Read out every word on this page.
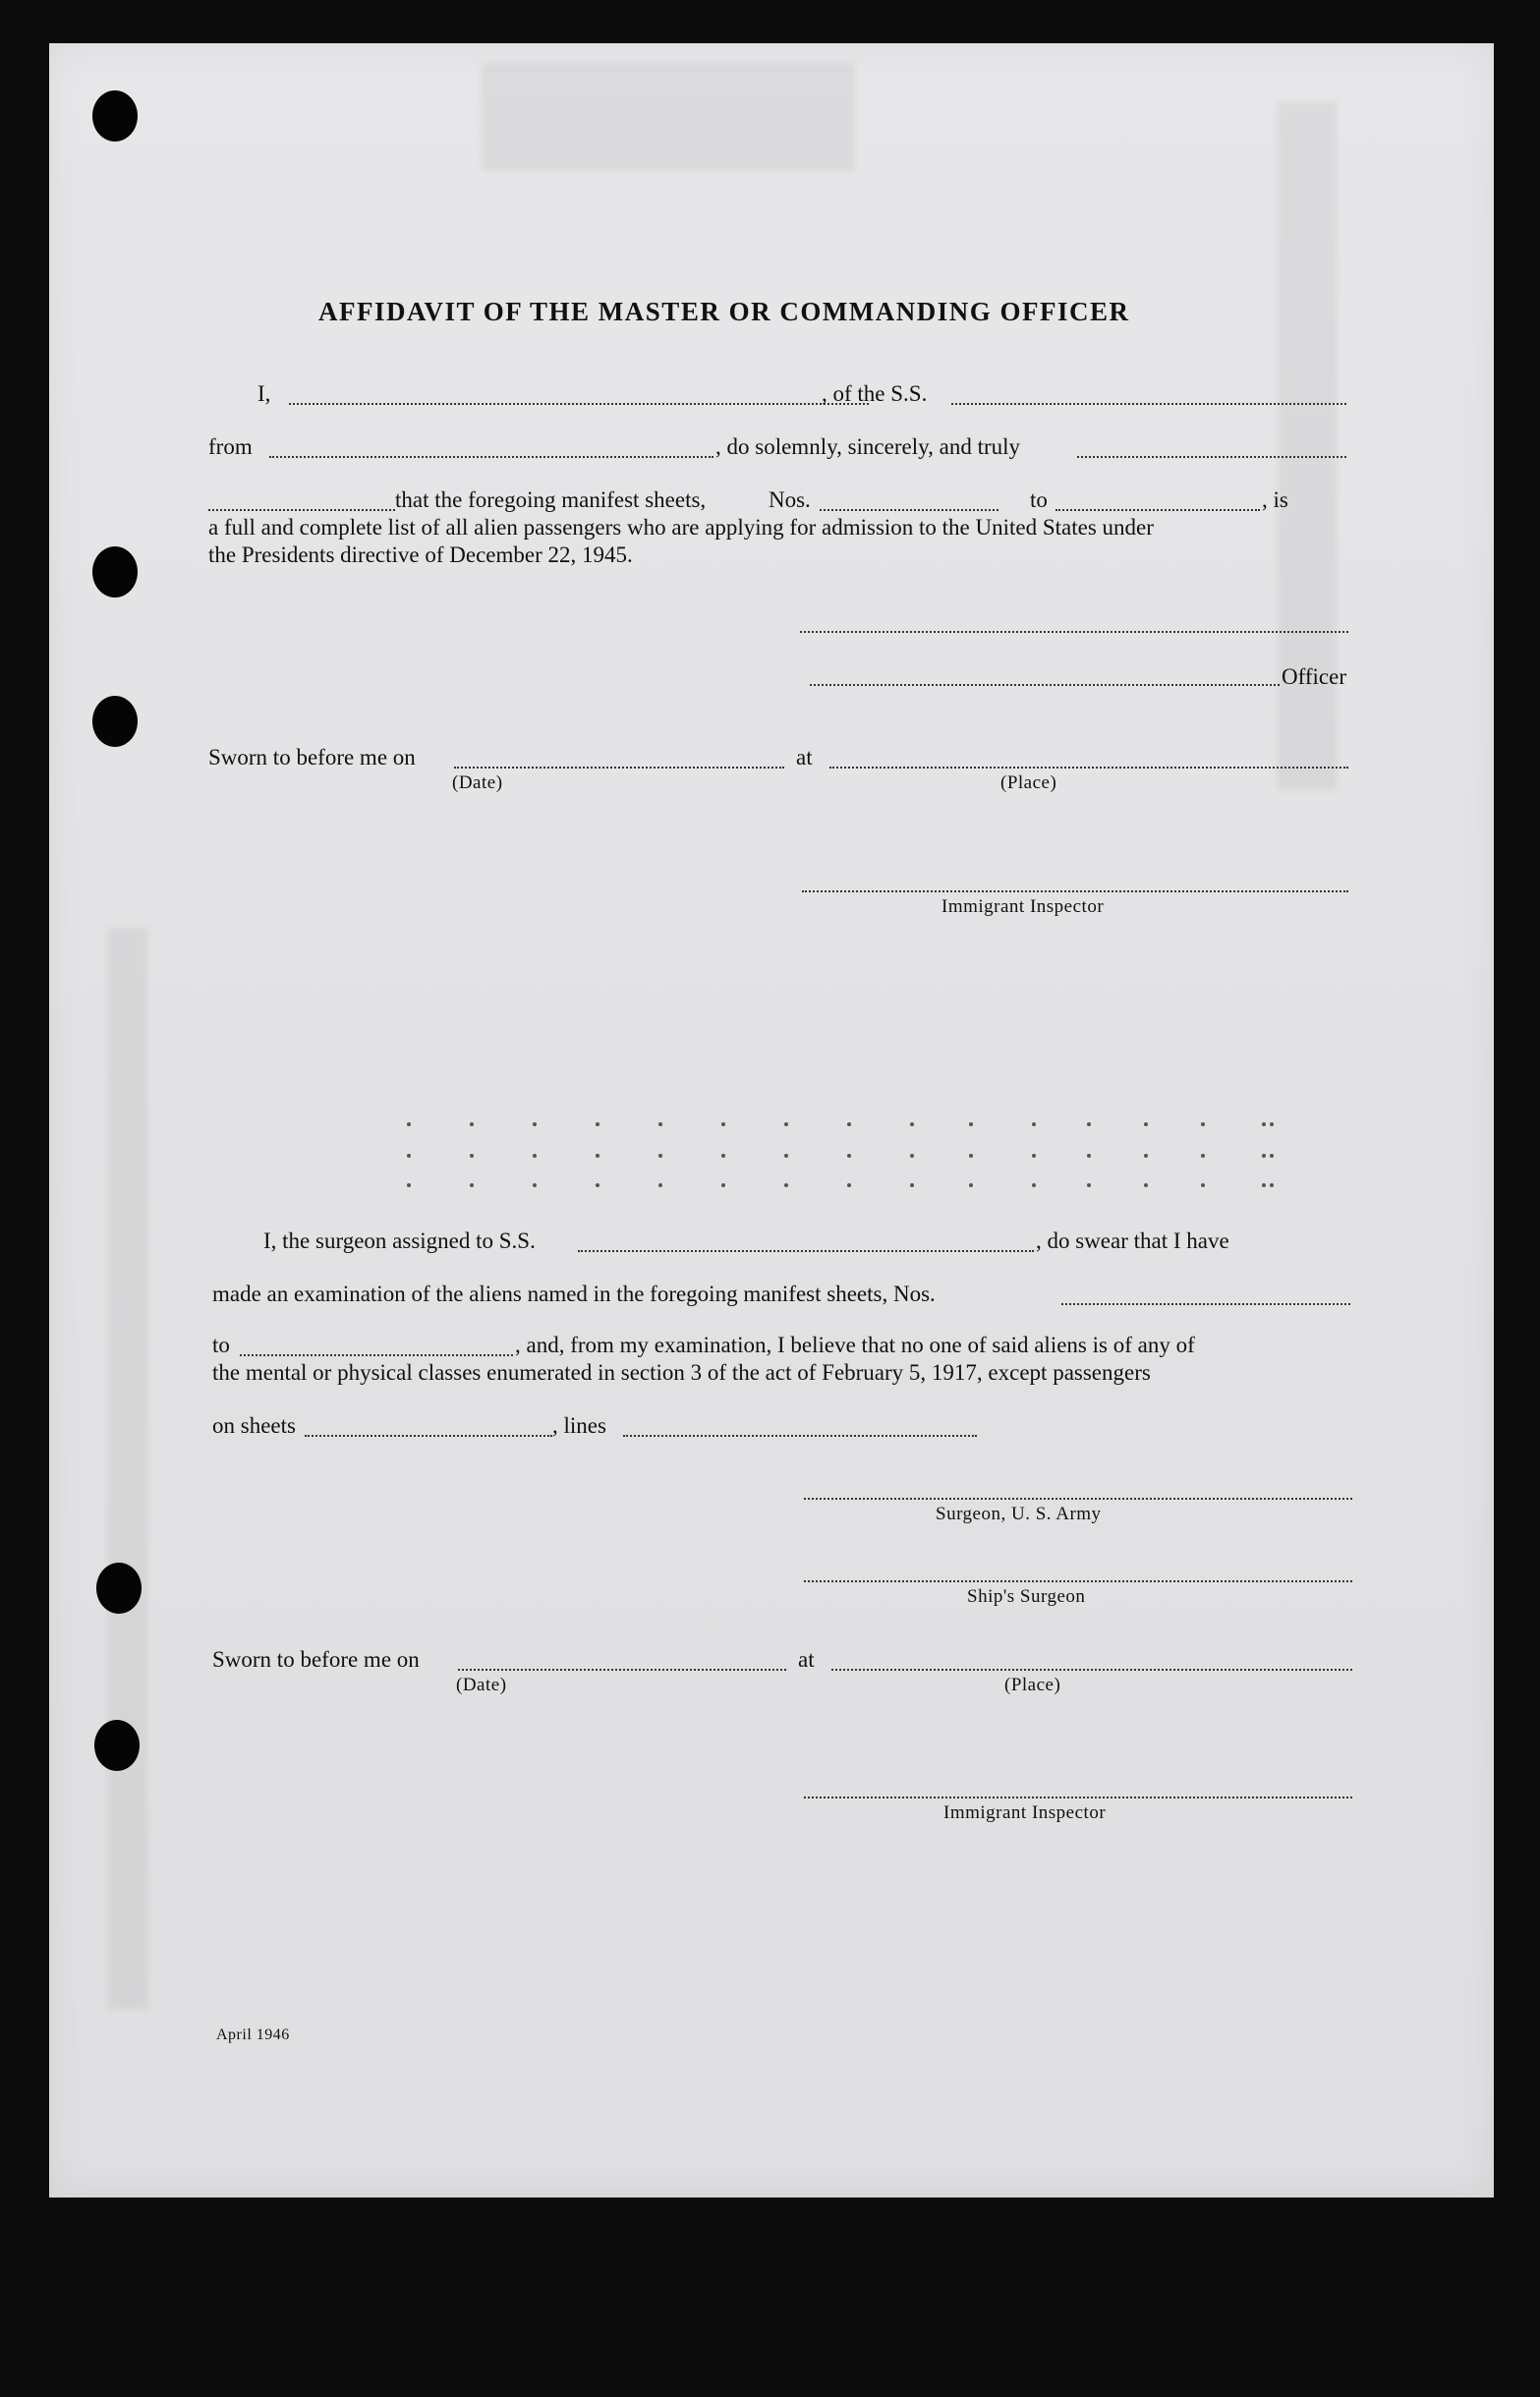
AFFIDAVIT OF THE MASTER OR COMMANDING OFFICER
I,	, of the S.S.
from	, do solemnly, sincerely, and truly
that the foregoing manifest sheets,	Nos.	to	, is
a full and complete list of all alien passengers who are applying for admission to the United States under
the Presidents directive of December 22, 1945.
Officer
Sworn to before me on	at
(Date)	(Place)
Immigrant Inspector
I, the surgeon assigned to S.S.	, do swear that I have
made an examination of the aliens named in the foregoing manifest sheets, Nos.
to	, and, from my examination, I believe that no one of said aliens is of any of
the mental or physical classes enumerated in section 3 of the act of February 5, 1917, except passengers
on sheets	, lines
Surgeon, U. S. Army
Ship's Surgeon
Sworn to before me on	at
(Date)	(Place)
Immigrant Inspector
April 1946
